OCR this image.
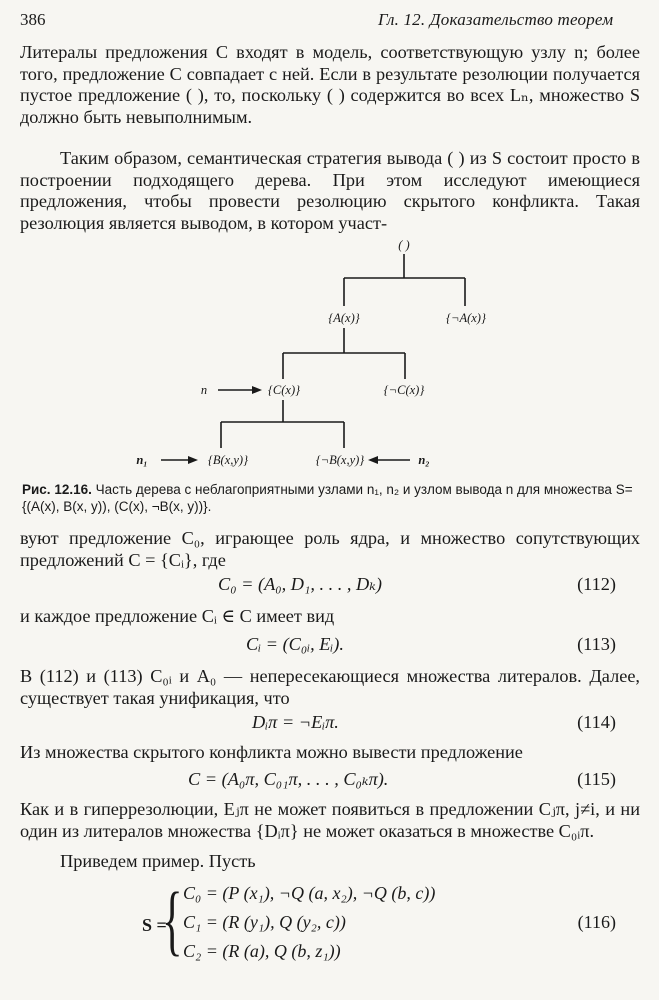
386	Гл. 12. Доказательство теорем
Литералы предложения C входят в модель, соответствующую узлу n; более того, предложение C совпадает с ней. Если в результате резолюции получается пустое предложение ( ), то, поскольку ( ) содержится во всех Lₙ, множество S должно быть невыполнимым.
Таким образом, семантическая стратегия вывода ( ) из S состоит просто в построении подходящего дерева. При этом исследуют имеющиеся предложения, чтобы провести резолюцию скрытого конфликта. Такая резолюция является выводом, в котором участ-
( )
{A(x)}	{¬A(x)}
{C(x)}	{¬C(x)}
{B(x,y)}	{¬B(x,y)}
n
n₁	n₂
Рис. 12.16. Часть дерева с неблагоприятными узлами n₁, n₂ и узлом вывода n для множества S={(A(x), B(x, y)), (C(x), ¬B(x, y))}.
вуют предложение C₀, играющее роль ядра, и множество сопутствующих предложений C = {Cᵢ}, где
C₀ = (A₀, D₁, . . . , Dₖ)	(112)
и каждое предложение Cᵢ ∈ C имеет вид
Cᵢ = (C₀ᵢ, Eᵢ).	(113)
В (112) и (113) C₀ᵢ и A₀ — непересекающиеся множества литералов. Далее, существует такая унификация, что
Dᵢπ = ¬Eᵢπ.	(114)
Из множества скрытого конфликта можно вывести предложение
C = (A₀π, C₀₁π, . . . , C₀ₖπ).	(115)
Как и в гиперрезолюции, Eⱼπ не может появиться в предложении Cⱼπ, j≠i, и ни один из литералов множества {Dᵢπ} не может оказаться в множестве C₀ᵢπ.
Приведем пример. Пусть
S =
{ C₀ = (P (x₁), ¬Q (a, x₂), ¬Q (b, c))
C₁ = (R (y₁), Q (y₂, c))
C₂ = (R (a), Q (b, z₁))
(116)
